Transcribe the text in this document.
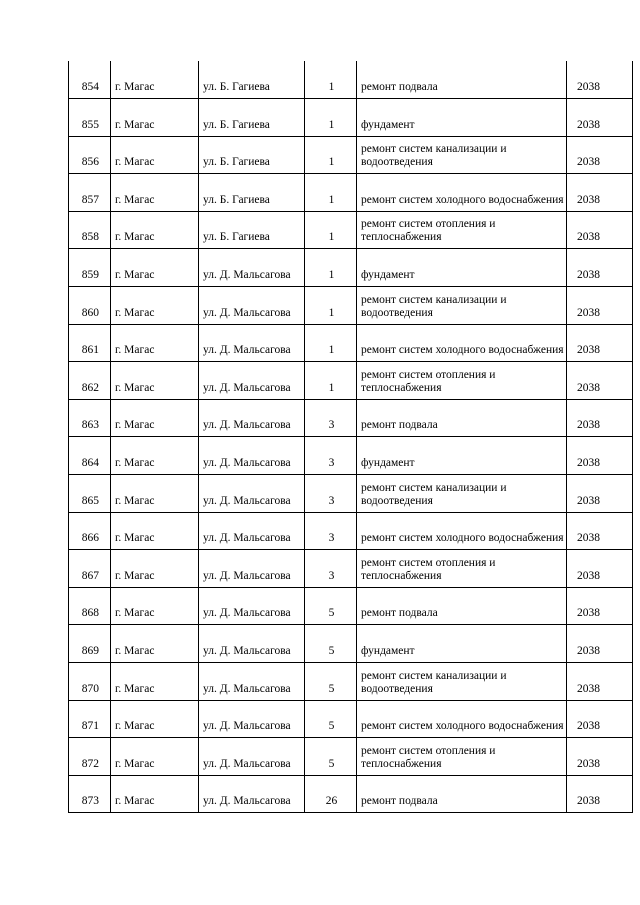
854	г. Магас	ул. Б. Гагиева	1	ремонт подвала	2038
855	г. Магас	ул. Б. Гагиева	1	фундамент	2038
856	г. Магас	ул. Б. Гагиева	1	ремонт систем канализации и водоотведения	2038
857	г. Магас	ул. Б. Гагиева	1	ремонт систем холодного водоснабжения	2038
858	г. Магас	ул. Б. Гагиева	1	ремонт систем отопления и теплоснабжения	2038
859	г. Магас	ул. Д. Мальсагова	1	фундамент	2038
860	г. Магас	ул. Д. Мальсагова	1	ремонт систем канализации и водоотведения	2038
861	г. Магас	ул. Д. Мальсагова	1	ремонт систем холодного водоснабжения	2038
862	г. Магас	ул. Д. Мальсагова	1	ремонт систем отопления и теплоснабжения	2038
863	г. Магас	ул. Д. Мальсагова	3	ремонт подвала	2038
864	г. Магас	ул. Д. Мальсагова	3	фундамент	2038
865	г. Магас	ул. Д. Мальсагова	3	ремонт систем канализации и водоотведения	2038
866	г. Магас	ул. Д. Мальсагова	3	ремонт систем холодного водоснабжения	2038
867	г. Магас	ул. Д. Мальсагова	3	ремонт систем отопления и теплоснабжения	2038
868	г. Магас	ул. Д. Мальсагова	5	ремонт подвала	2038
869	г. Магас	ул. Д. Мальсагова	5	фундамент	2038
870	г. Магас	ул. Д. Мальсагова	5	ремонт систем канализации и водоотведения	2038
871	г. Магас	ул. Д. Мальсагова	5	ремонт систем холодного водоснабжения	2038
872	г. Магас	ул. Д. Мальсагова	5	ремонт систем отопления и теплоснабжения	2038
873	г. Магас	ул. Д. Мальсагова	26	ремонт подвала	2038
